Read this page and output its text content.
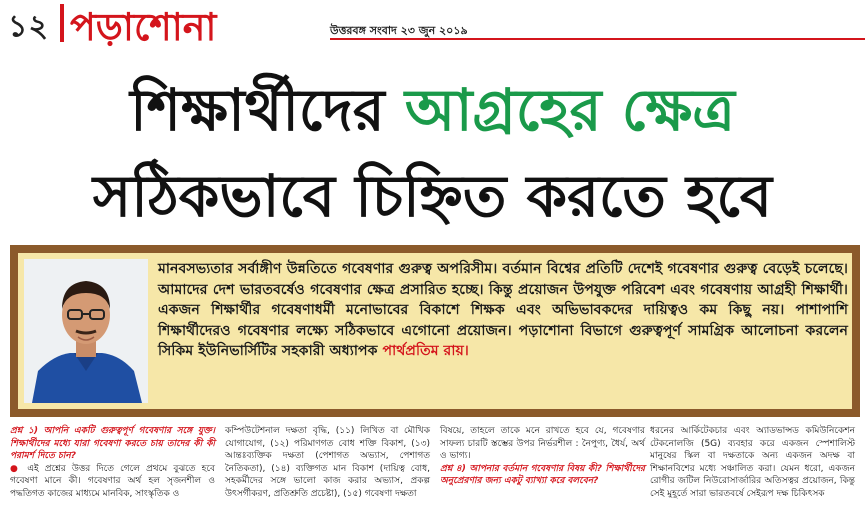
১২ পড়াশোনা	উত্তরবঙ্গ সংবাদ ২৩ জুন ২০১৯
শিক্ষার্থীদের আগ্রহের ক্ষেত্র
সঠিকভাবে চিহ্নিত করতে হবে
মানবসভ্যতার সর্বাঙ্গীণ উন্নতিতে গবেষণার গুরুত্ব অপরিসীম। বর্তমান বিশ্বের প্রতিটি দেশেই গবেষণার গুরুত্ব বেড়েই চলেছে। আমাদের দেশ ভারতবর্ষেও গবেষণার ক্ষেত্র প্রসারিত হচ্ছে। কিন্তু প্রয়োজন উপযুক্ত পরিবেশ এবং গবেষণায় আগ্রহী শিক্ষার্থী। একজন শিক্ষার্থীর গবেষণাধর্মী মনোভাবের বিকাশে শিক্ষক এবং অভিভাবকদের দায়িত্বও কম কিছু নয়। পাশাপাশি শিক্ষার্থীদেরও গবেষণার লক্ষ্যে সঠিকভাবে এগোনো প্রয়োজন। পড়াশোনা বিভাগে গুরুত্বপূর্ণ সামগ্রিক আলোচনা করলেন সিকিম ইউনিভার্সিটির সহকারী অধ্যাপক পার্থপ্রতিম রায়।
প্রশ্ন ১) আপনি একটি গুরুত্বপূর্ণ গবেষণার সঙ্গে যুক্ত। শিক্ষার্থীদের মধ্যে যারা গবেষণা করতে চায় তাদের কী কী পরামর্শ দিতে চান?
● এই প্রশ্নের উত্তর দিতে গেলে প্রথমে বুঝতে হবে গবেষণা মানে কী। গবেষণার অর্থ হল সৃজনশীল ও পদ্ধতিগত কাজের মাধ্যমে মানবিক, সাংস্কৃতিক ও
কম্পিউটেশনাল দক্ষতা বৃদ্ধি, (১১) লিখিত বা মৌখিক যোগাযোগ, (১২) পরিমাণগত বোধ শক্তি বিকাশ, (১৩) আন্তঃব্যক্তিক দক্ষতা (পেশাগত অভ্যাস, পেশাগত নৈতিকতা), (১৪) ব্যক্তিগত মান বিকাশ (দায়িত্ব বোধ, সহকর্মীদের সঙ্গে ভালো কাজ করার অভ্যাস, প্রকল্প উৎসর্গীকরণ, প্রতিশ্রুতি প্রচেষ্টা), (১৫) গবেষণা দক্ষতা
বিষয়ে, তাহলে তাকে মনে রাখতে হবে যে, গবেষণার সাফল্য চারটি স্তম্ভের উপর নির্ভরশীল : নৈপুণ্য, ধৈর্য, অর্থ ও ভাগ্য।
প্রশ্ন ৪) আপনার বর্তমান গবেষণার বিষয় কী? শিক্ষার্থীদের অনুপ্রেরণার জন্য একটু ব্যাখ্যা করে বলবেন?
ধরনের আর্কিটেকচার এবং অ্যাডভান্সড কমিউনিকেশন টেকনোলজি (5G) ব্যবহার করে একজন স্পেশালিস্ট মানুষের স্কিল বা দক্ষতাকে অন্য একজন অদক্ষ বা শিক্ষানবিশের মধ্যে সঞ্চালিত করা। যেমন ধরো, একজন রোগীর জটিল নিউরোসার্জারির অতিসত্বর প্রয়োজন, কিন্তু সেই মুহূর্তে সারা ভারতবর্ষে সেইরূপ দক্ষ চিকিৎসক
